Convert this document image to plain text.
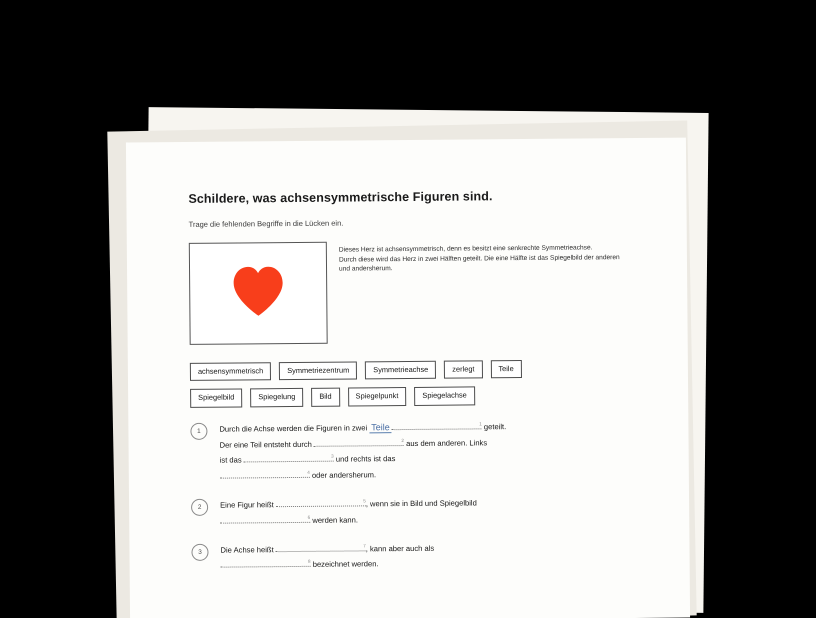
Schildere, was achsensymmetrische Figuren sind.

Trage die fehlenden Begriffe in die Lücken ein.

Dieses Herz ist achsensymmetrisch, denn es besitzt eine senkrechte Symmetrieachse.
Durch diese wird das Herz in zwei Hälften geteilt. Die eine Hälfte ist das Spiegelbild der anderen und andersherum.
achsensymmetrisch	Symmetriezentrum	Symmetrieachse	zerlegt	Teile
Spiegelbild	Spiegelung	Bild	Spiegelpunkt	Spiegelachse
1	Durch die Achse werden die Figuren in zwei Teile	1 geteilt.
Der eine Teil entsteht durch	2 aus dem anderen. Links
ist das	3 und rechts ist das

4 oder andersherum.
2	Eine Figur heißt	5 , wenn sie in Bild und Spiegelbild

6 werden kann.
3	Die Achse heißt	7 , kann aber auch als

8 bezeichnet werden.
